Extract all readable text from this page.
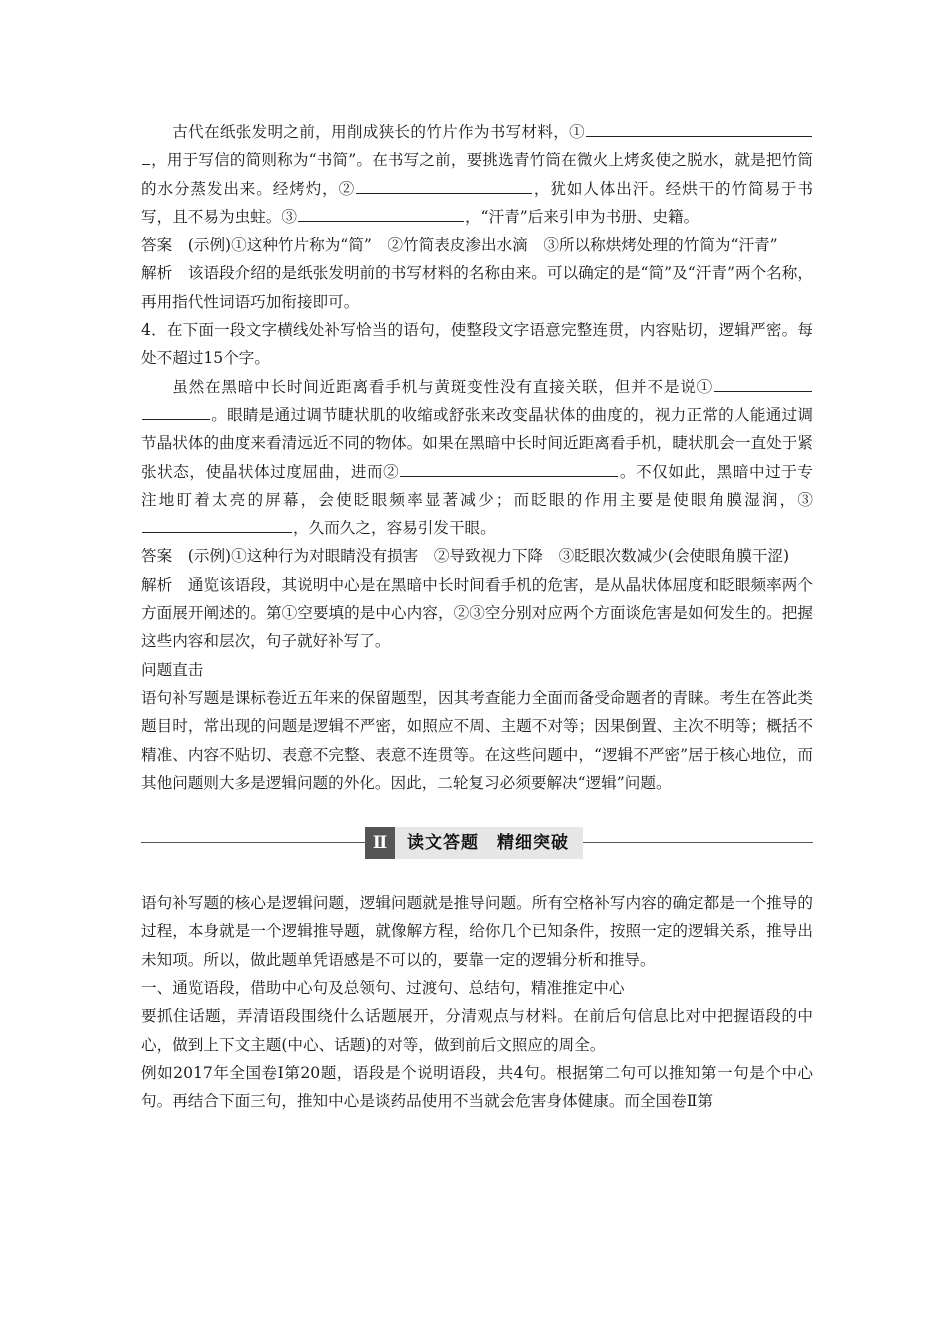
古代在纸张发明之前，用削成狭长的竹片作为书写材料，①，用于写信的简则称为“书简”。在书写之前，要挑选青竹筒在微火上烤炙使之脱水，就是把竹筒的水分蒸发出来。经烤灼，②	，犹如人体出汗。经烘干的竹简易于书写，且不易为虫蛀。③	，“汗青”后来引申为书册、史籍。

答案　(示例)①这种竹片称为“简”　②竹简表皮渗出水滴　③所以称烘烤处理的竹简为“汗青”

解析　该语段介绍的是纸张发明前的书写材料的名称由来。可以确定的是“简”及“汗青”两个名称，再用指代性词语巧加衔接即可。

4．在下面一段文字横线处补写恰当的语句，使整段文字语意完整连贯，内容贴切，逻辑严密。每处不超过15个字。

虽然在黑暗中长时间近距离看手机与黄斑变性没有直接关联，但并不是说①。眼睛是通过调节睫状肌的收缩或舒张来改变晶状体的曲度的，视力正常的人能通过调节晶状体的曲度来看清远近不同的物体。如果在黑暗中长时间近距离看手机，睫状肌会一直处于紧张状态，使晶状体过度屈曲，进而②	。不仅如此，黑暗中过于专注地盯着太亮的屏幕，会使眨眼频率显著减少；而眨眼的作用主要是使眼角膜湿润，③，久而久之，容易引发干眼。

答案　(示例)①这种行为对眼睛没有损害　②导致视力下降　③眨眼次数减少(会使眼角膜干涩)

解析　通览该语段，其说明中心是在黑暗中长时间看手机的危害，是从晶状体屈度和眨眼频率两个方面展开阐述的。第①空要填的是中心内容，②③空分别对应两个方面谈危害是如何发生的。把握这些内容和层次，句子就好补写了。

问题直击

语句补写题是课标卷近五年来的保留题型，因其考查能力全面而备受命题者的青睐。考生在答此类题目时，常出现的问题是逻辑不严密，如照应不周、主题不对等；因果倒置、主次不明等；概括不精准、内容不贴切、表意不完整、表意不连贯等。在这些问题中，“逻辑不严密”居于核心地位，而其他问题则大多是逻辑问题的外化。因此，二轮复习必须要解决“逻辑”问题。

Ⅱ	读文答题　精细突破

语句补写题的核心是逻辑问题，逻辑问题就是推导问题。所有空格补写内容的确定都是一个推导的过程，本身就是一个逻辑推导题，就像解方程，给你几个已知条件，按照一定的逻辑关系，推导出未知项。所以，做此题单凭语感是不可以的，要靠一定的逻辑分析和推导。

一、通览语段，借助中心句及总领句、过渡句、总结句，精准推定中心

要抓住话题，弄清语段围绕什么话题展开，分清观点与材料。在前后句信息比对中把握语段的中心，做到上下文主题(中心、话题)的对等，做到前后文照应的周全。

例如2017年全国卷Ⅰ第20题，语段是个说明语段，共4句。根据第二句可以推知第一句是个中心句。再结合下面三句，推知中心是谈药品使用不当就会危害身体健康。而全国卷Ⅱ第
